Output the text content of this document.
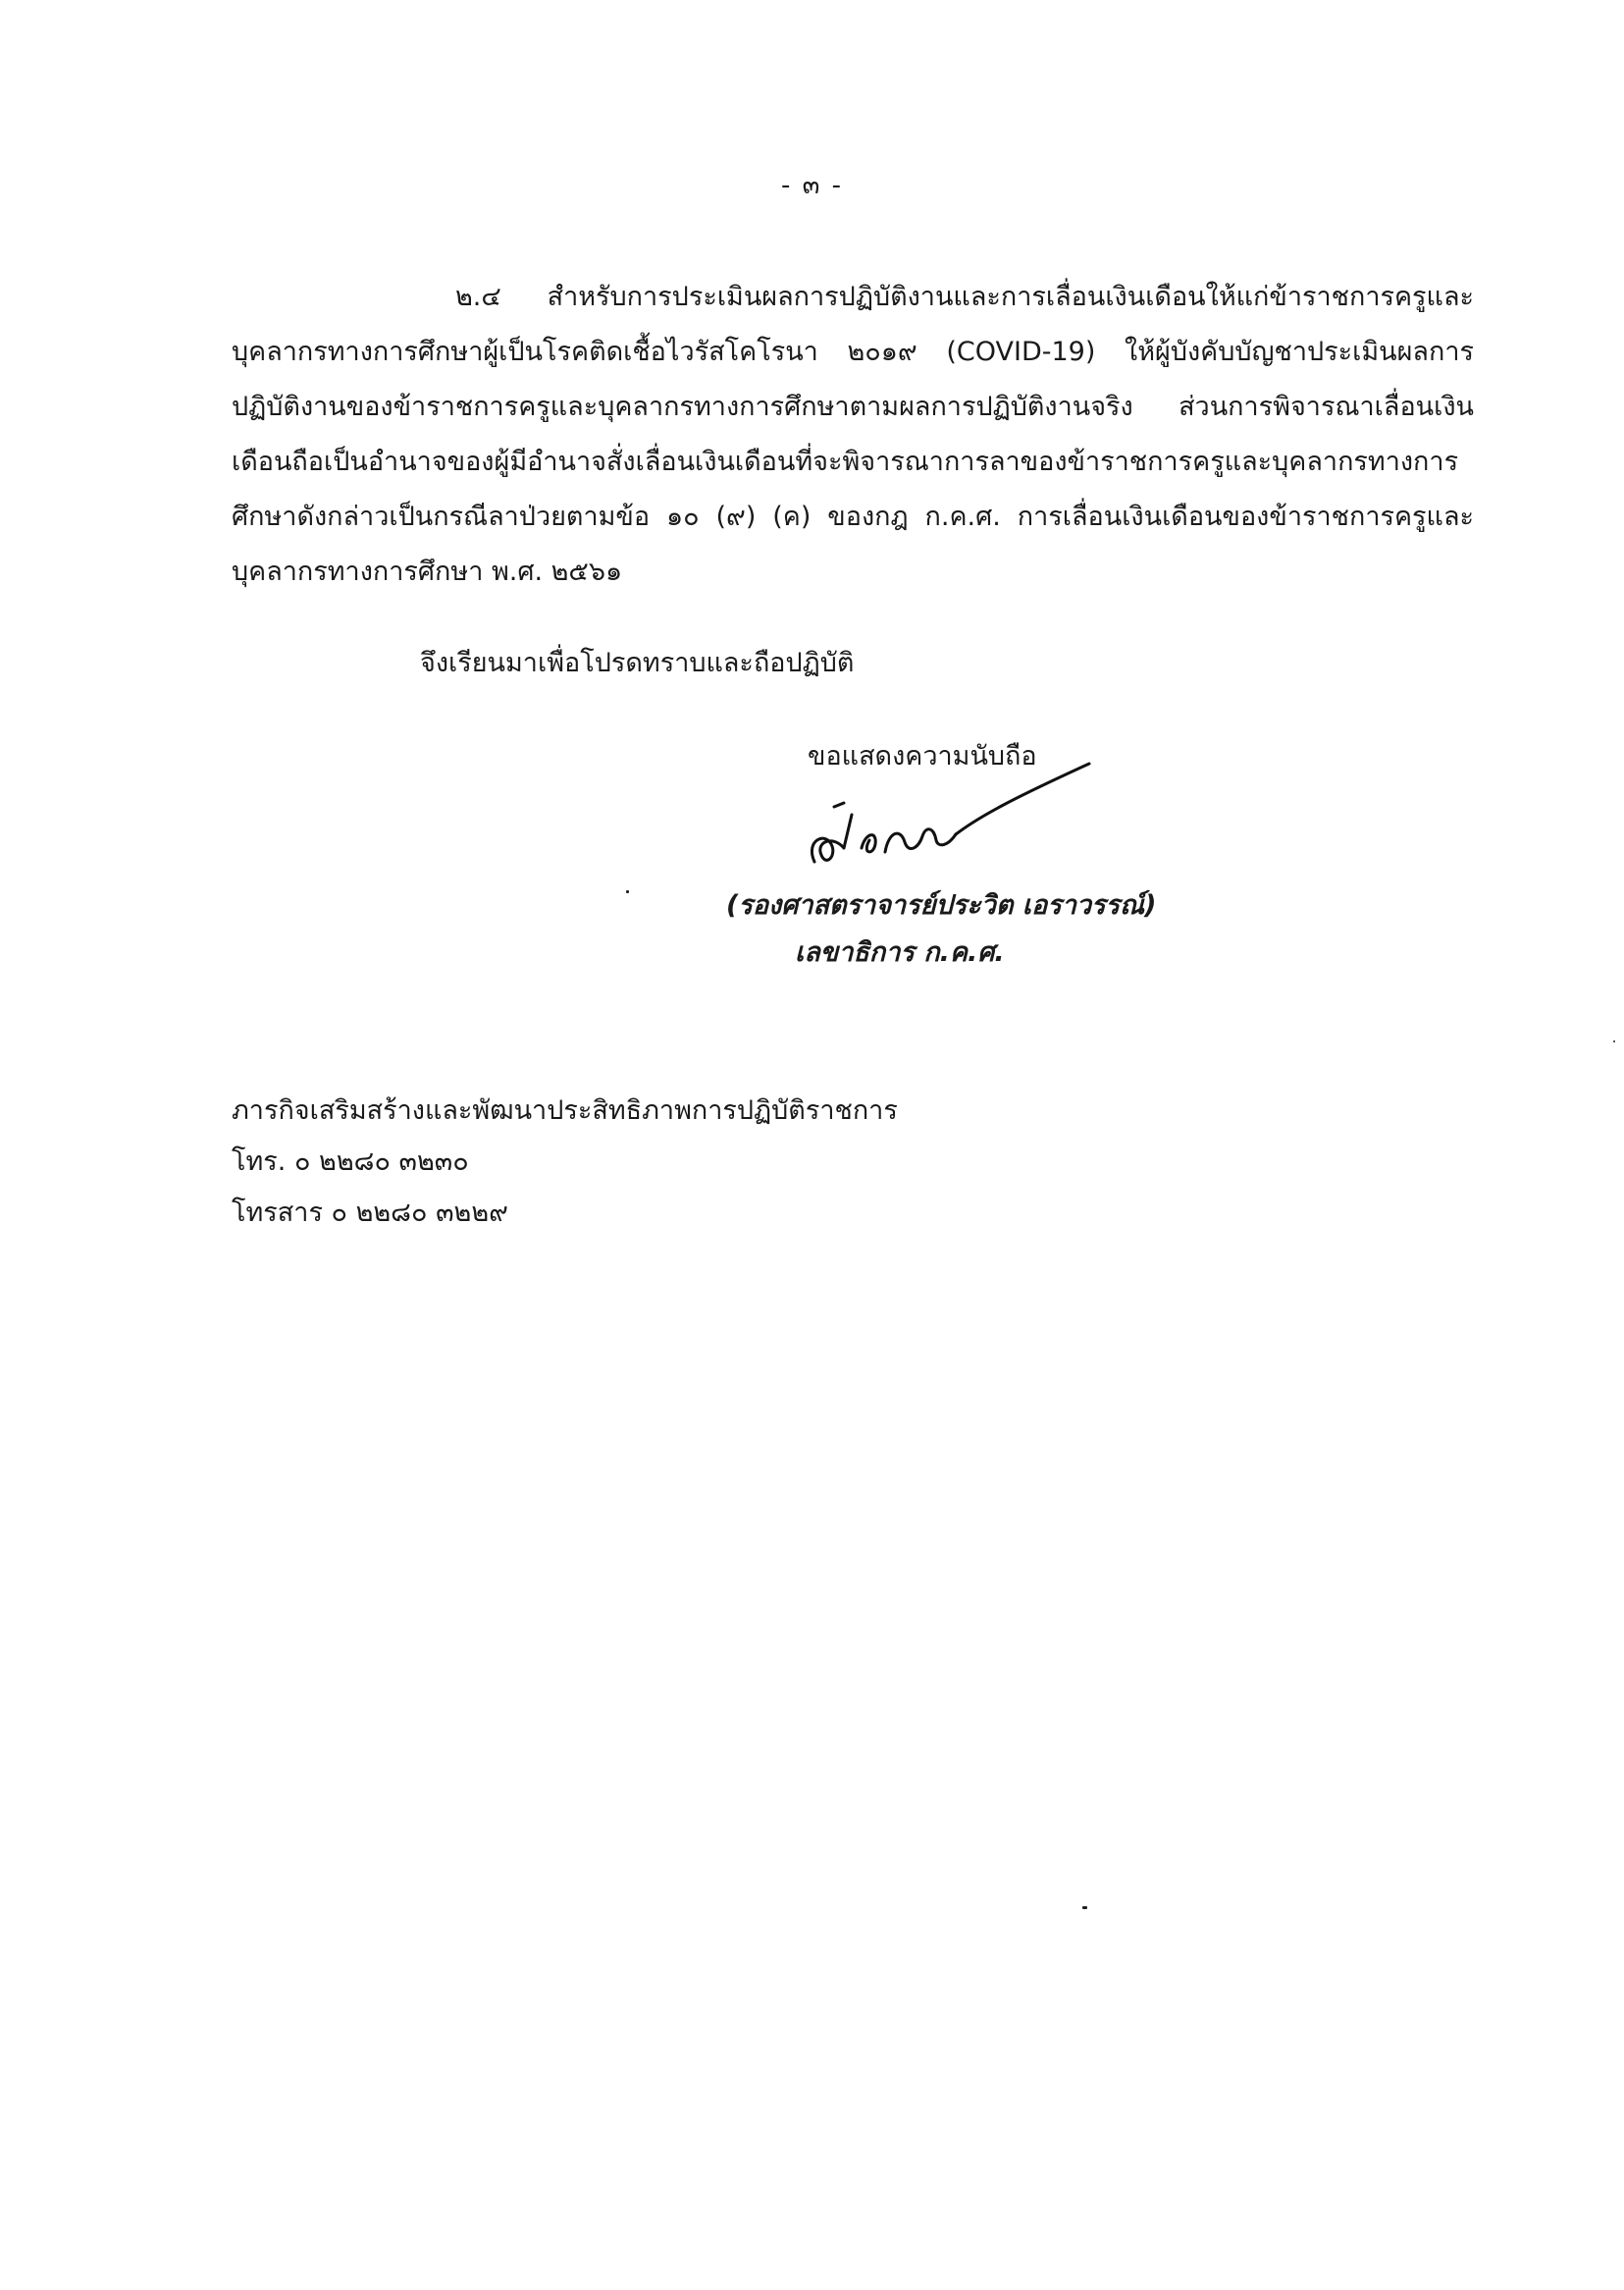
- ๓ -

๒.๔ สำหรับการประเมินผลการปฏิบัติงานและการเลื่อนเงินเดือนให้แก่ข้าราชการครูและบุคลากรทางการศึกษาผู้เป็นโรคติดเชื้อไวรัสโคโรนา ๒๐๑๙ (COVID-19) ให้ผู้บังคับบัญชาประเมินผลการปฏิบัติงานของข้าราชการครูและบุคลากรทางการศึกษาตามผลการปฏิบัติงานจริง ส่วนการพิจารณาเลื่อนเงินเดือนถือเป็นอำนาจของผู้มีอำนาจสั่งเลื่อนเงินเดือนที่จะพิจารณาการลาของข้าราชการครูและบุคลากรทางการศึกษาดังกล่าวเป็นกรณีลาป่วยตามข้อ ๑๐ (๙) (ค) ของกฎ ก.ค.ศ. การเลื่อนเงินเดือนของข้าราชการครูและบุคลากรทางการศึกษา พ.ศ. ๒๕๖๑

จึงเรียนมาเพื่อโปรดทราบและถือปฏิบัติ
ขอแสดงความนับถือ
(รองศาสตราจารย์ประวิต เอราวรรณ์)
เลขาธิการ ก.ค.ศ.
ภารกิจเสริมสร้างและพัฒนาประสิทธิภาพการปฏิบัติราชการ
โทร. ๐ ๒๒๘๐ ๓๒๓๐
โทรสาร ๐ ๒๒๘๐ ๓๒๒๙
